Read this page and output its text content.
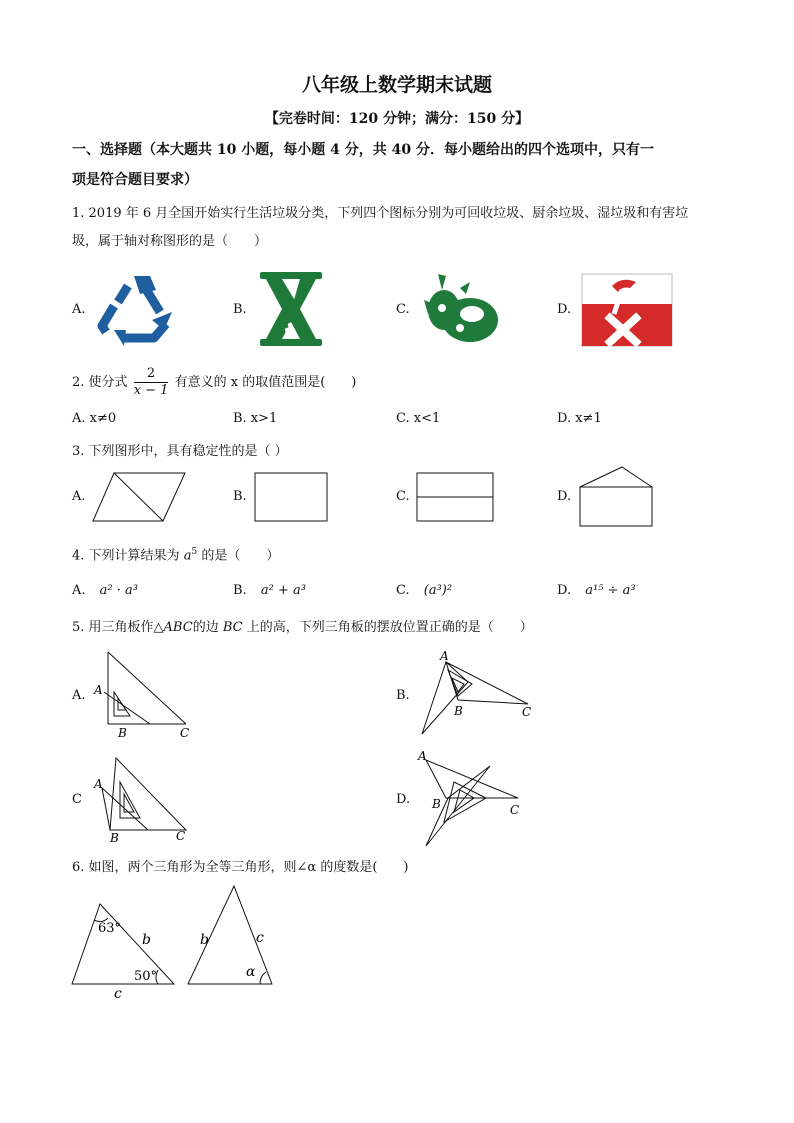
八年级上数学期末试题
【完卷时间：120 分钟；满分：150 分】
一、选择题（本大题共 10 小题，每小题 4 分，共 40 分．每小题给出的四个选项中，只有一
项是符合题目要求）
1. 2019 年 6 月全国开始实行生活垃圾分类，下列四个图标分别为可回收垃圾、厨余垃圾、湿垃圾和有害垃
圾，属于轴对称图形的是（　　）
A.	B.	C.	D.
2. 使分式 $\frac{2}{x - 1}$ 有意义的 x 的取值范围是(　　)
A. x≠0	B. x>1	C. x<1	D. x≠1
3. 下列图形中，具有稳定性的是（ ）
A.	B.	C.	D.
4. 下列计算结果为 $a^5$ 的是（　　）
A. a² · a³	B. a² + a³	C. (a³)²	D. a¹⁵ ÷ a³
5. 用三角板作△ABC的边 BC 上的高，下列三角板的摆放位置正确的是（　　）
A. A
B	C
B.
A
B	C
C
A
B	C
D.
A
B	C
6. 如图，两个三角形为全等三角形，则∠α 的度数是(　　)
63°
50°
b
c
b	c
α
